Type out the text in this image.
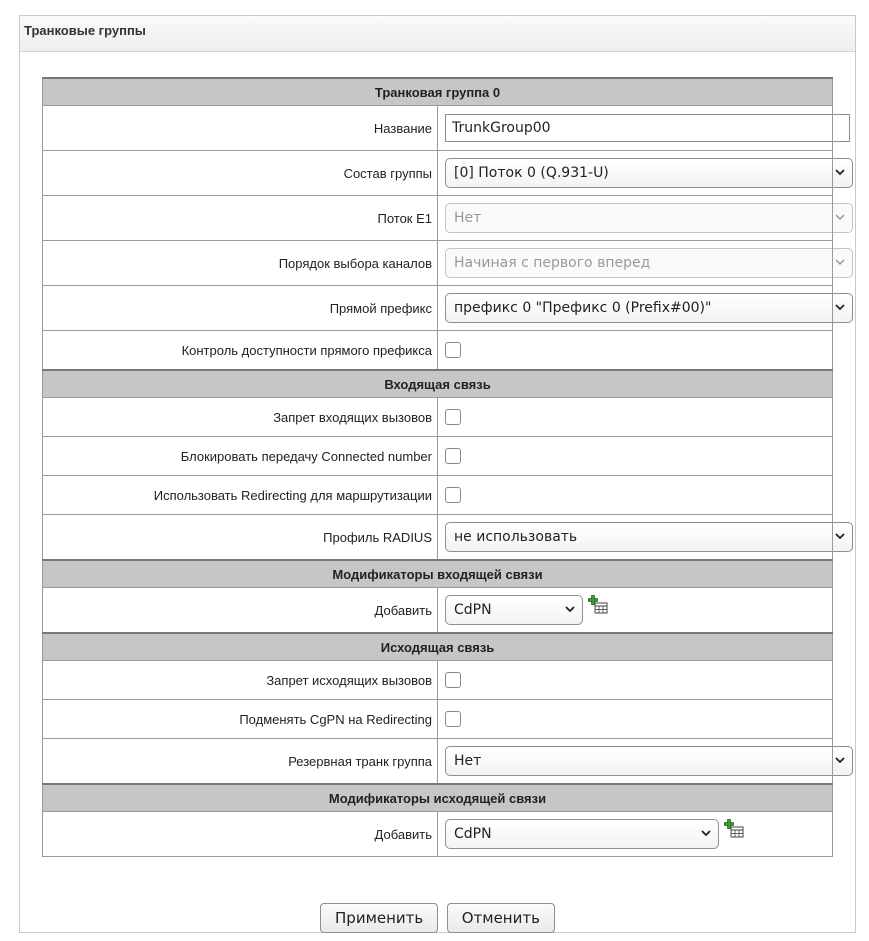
Транковые группы
Транковая группа 0	
Название	TrunkGroup00

Состав группы	[0] Поток 0 (Q.931-U)

Поток E1	Нет

Порядок выбора каналов	Начиная с первого вперед

Прямой префикс	префикс 0 "Префикс 0 (Prefix#00)"

Контроль доступности прямого префикса	
Входящая связь	
Запрет входящих вызовов	
Блокировать передачу Connected number	
Использовать Redirecting для маршрутизации	
Профиль RADIUS	не использовать

Модификаторы входящей связи	
Добавить	CdPN

Исходящая связь	
Запрет исходящих вызовов	
Подменять CgPN на Redirecting	
Резервная транк группа	Нет

Модификаторы исходящей связи	
Добавить	CdPN
Применить	Отменить
